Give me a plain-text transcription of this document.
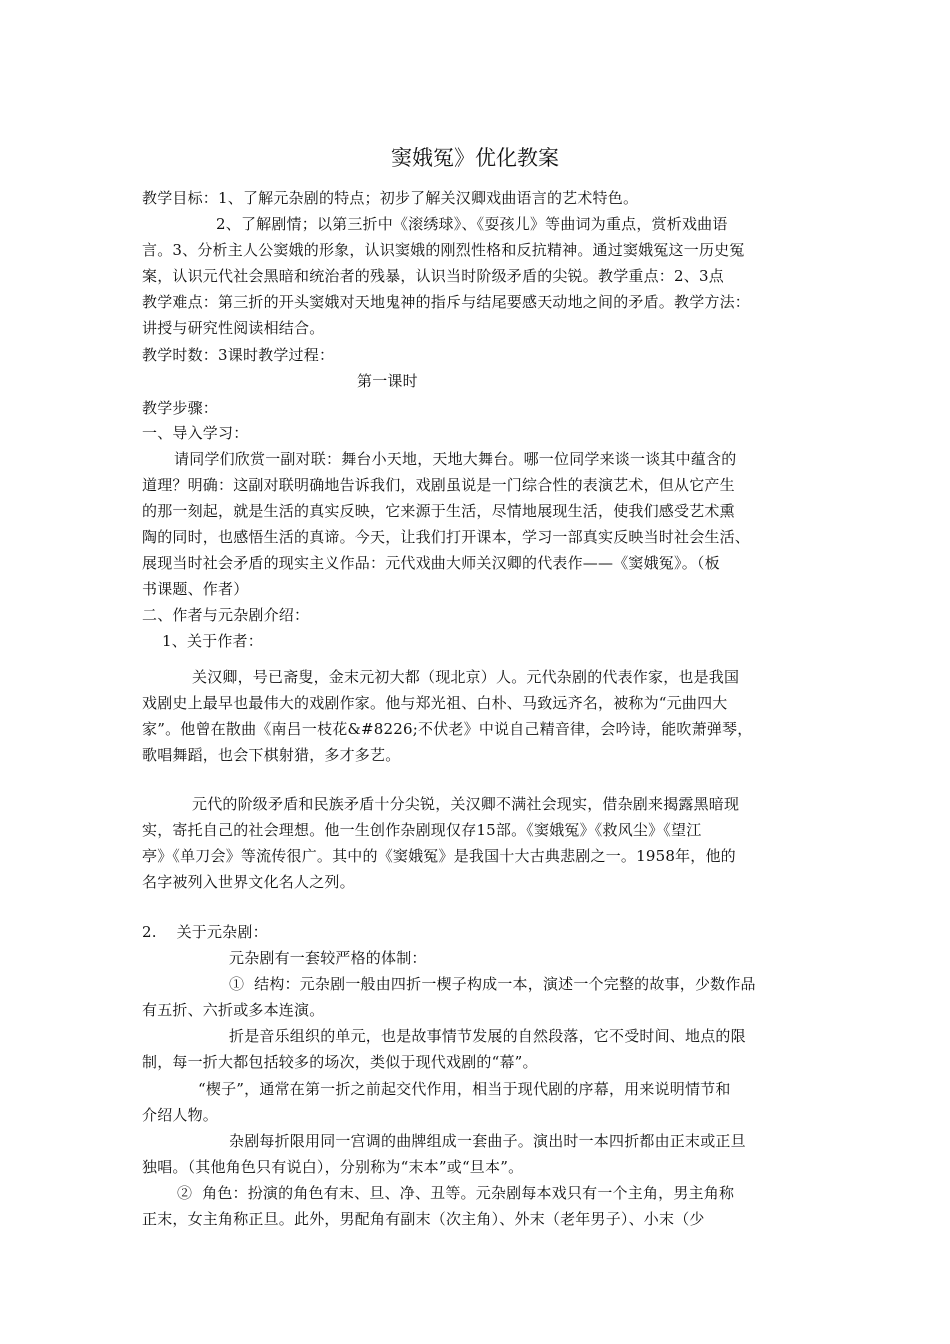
窦娥冤》优化教案
教学目标：1、了解元杂剧的特点；初步了解关汉卿戏曲语言的艺术特色。
2、了解剧情；以第三折中《滚绣球》、《耍孩儿》等曲词为重点，赏析戏曲语
言。3、分析主人公窦娥的形象，认识窦娥的刚烈性格和反抗精神。通过窦娥冤这一历史冤
案，认识元代社会黑暗和统治者的残暴，认识当时阶级矛盾的尖锐。教学重点：2、3点
教学难点：第三折的开头窦娥对天地鬼神的指斥与结尾要感天动地之间的矛盾。教学方法：
讲授与研究性阅读相结合。
教学时数：3课时教学过程：
第一课时
教学步骤：
一、导入学习：
请同学们欣赏一副对联：舞台小天地，天地大舞台。哪一位同学来谈一谈其中蕴含的
道理？明确：这副对联明确地告诉我们，戏剧虽说是一门综合性的表演艺术，但从它产生
的那一刻起，就是生活的真实反映，它来源于生活，尽情地展现生活，使我们感受艺术熏
陶的同时，也感悟生活的真谛。今天，让我们打开课本，学习一部真实反映当时社会生活、
展现当时社会矛盾的现实主义作品：元代戏曲大师关汉卿的代表作——《窦娥冤》。（板
书课题、作者）
二、作者与元杂剧介绍：
1、关于作者：
关汉卿，号已斋叟，金末元初大都（现北京）人。元代杂剧的代表作家，也是我国
戏剧史上最早也最伟大的戏剧作家。他与郑光祖、白朴、马致远齐名，被称为“元曲四大
家”。他曾在散曲《南吕一枝花&#8226;不伏老》中说自己精音律，会吟诗，能吹萧弹琴，
歌唱舞蹈，也会下棋射猎，多才多艺。
元代的阶级矛盾和民族矛盾十分尖锐，关汉卿不满社会现实，借杂剧来揭露黑暗现
实，寄托自己的社会理想。他一生创作杂剧现仅存15部。《窦娥冤》《救风尘》《望江
亭》《单刀会》等流传很广。其中的《窦娥冤》是我国十大古典悲剧之一。1958年，他的
名字被列入世界文化名人之列。
2.    关于元杂剧：
元杂剧有一套较严格的体制：
①  结构：元杂剧一般由四折一楔子构成一本，演述一个完整的故事，少数作品
有五折、六折或多本连演。
折是音乐组织的单元，也是故事情节发展的自然段落，它不受时间、地点的限
制，每一折大都包括较多的场次，类似于现代戏剧的“幕”。
“楔子”，通常在第一折之前起交代作用，相当于现代剧的序幕，用来说明情节和
介绍人物。
杂剧每折限用同一宫调的曲牌组成一套曲子。演出时一本四折都由正末或正旦
独唱。（其他角色只有说白），分别称为“末本”或“旦本”。
②  角色：扮演的角色有末、旦、净、丑等。元杂剧每本戏只有一个主角，男主角称
正末，女主角称正旦。此外，男配角有副末（次主角）、外末（老年男子）、小末（少
